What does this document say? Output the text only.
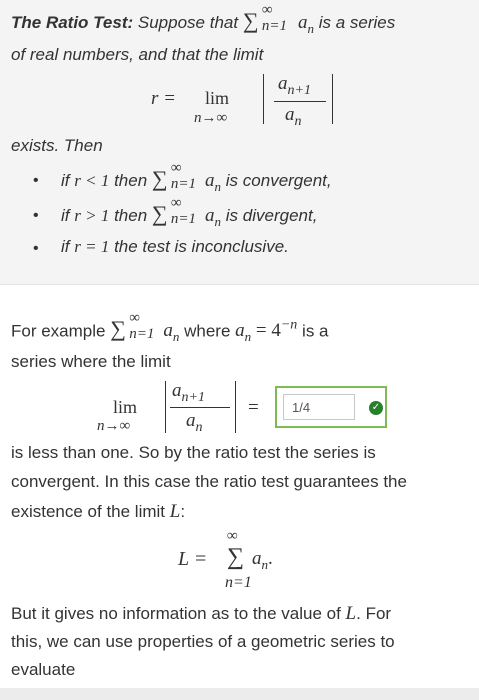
The Ratio Test: Suppose that ∑ ∞
n=1 $a_n$ is a series
of real numbers, and that the limit
r = lim
n→∞
$a_{n+1}$
$a_n$
exists. Then
• if r < 1 then ∑ ∞
n=1 $a_n$ is convergent,
• if r > 1 then ∑ ∞
n=1 $a_n$ is divergent,
• if r = 1 the test is inconclusive.
For example ∑ ∞
n=1 $a_n$ where $a_n = 4^{-n}$ is a
series where the limit
lim
n→∞
$a_{n+1}$
$a_n$
=	1/4	✓
is less than one. So by the ratio test the series is
convergent. In this case the ratio test guarantees the
existence of the limit L:
L =
∞
∑
n=1
$a_n$.
But it gives no information as to the value of L. For
this, we can use properties of a geometric series to
evaluate
